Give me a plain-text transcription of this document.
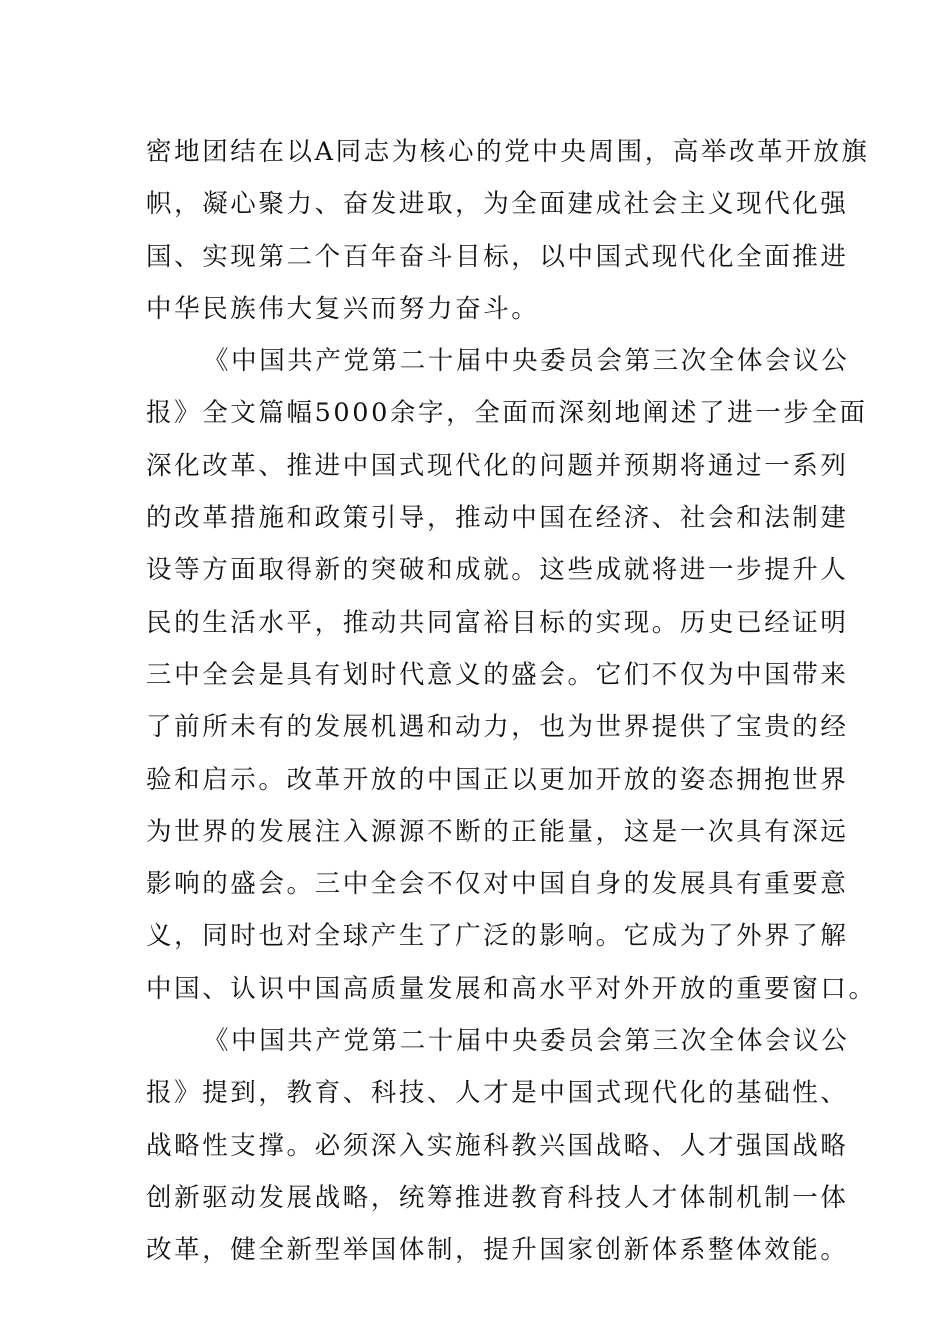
密地团结在以A同志为核心的党中央周围，高举改革开放旗
帜，凝心聚力、奋发进取，为全面建成社会主义现代化强
国、实现第二个百年奋斗目标，以中国式现代化全面推进
中华民族伟大复兴而努力奋斗。
《中国共产党第二十届中央委员会第三次全体会议公
报》全文篇幅5000余字，全面而深刻地阐述了进一步全面
深化改革、推进中国式现代化的问题并预期将通过一系列
的改革措施和政策引导，推动中国在经济、社会和法制建
设等方面取得新的突破和成就。这些成就将进一步提升人
民的生活水平，推动共同富裕目标的实现。历史已经证明
三中全会是具有划时代意义的盛会。它们不仅为中国带来
了前所未有的发展机遇和动力，也为世界提供了宝贵的经
验和启示。改革开放的中国正以更加开放的姿态拥抱世界
为世界的发展注入源源不断的正能量，这是一次具有深远
影响的盛会。三中全会不仅对中国自身的发展具有重要意
义，同时也对全球产生了广泛的影响。它成为了外界了解
中国、认识中国高质量发展和高水平对外开放的重要窗口。
《中国共产党第二十届中央委员会第三次全体会议公
报》提到，教育、科技、人才是中国式现代化的基础性、
战略性支撑。必须深入实施科教兴国战略、人才强国战略
创新驱动发展战略，统筹推进教育科技人才体制机制一体
改革，健全新型举国体制，提升国家创新体系整体效能。
